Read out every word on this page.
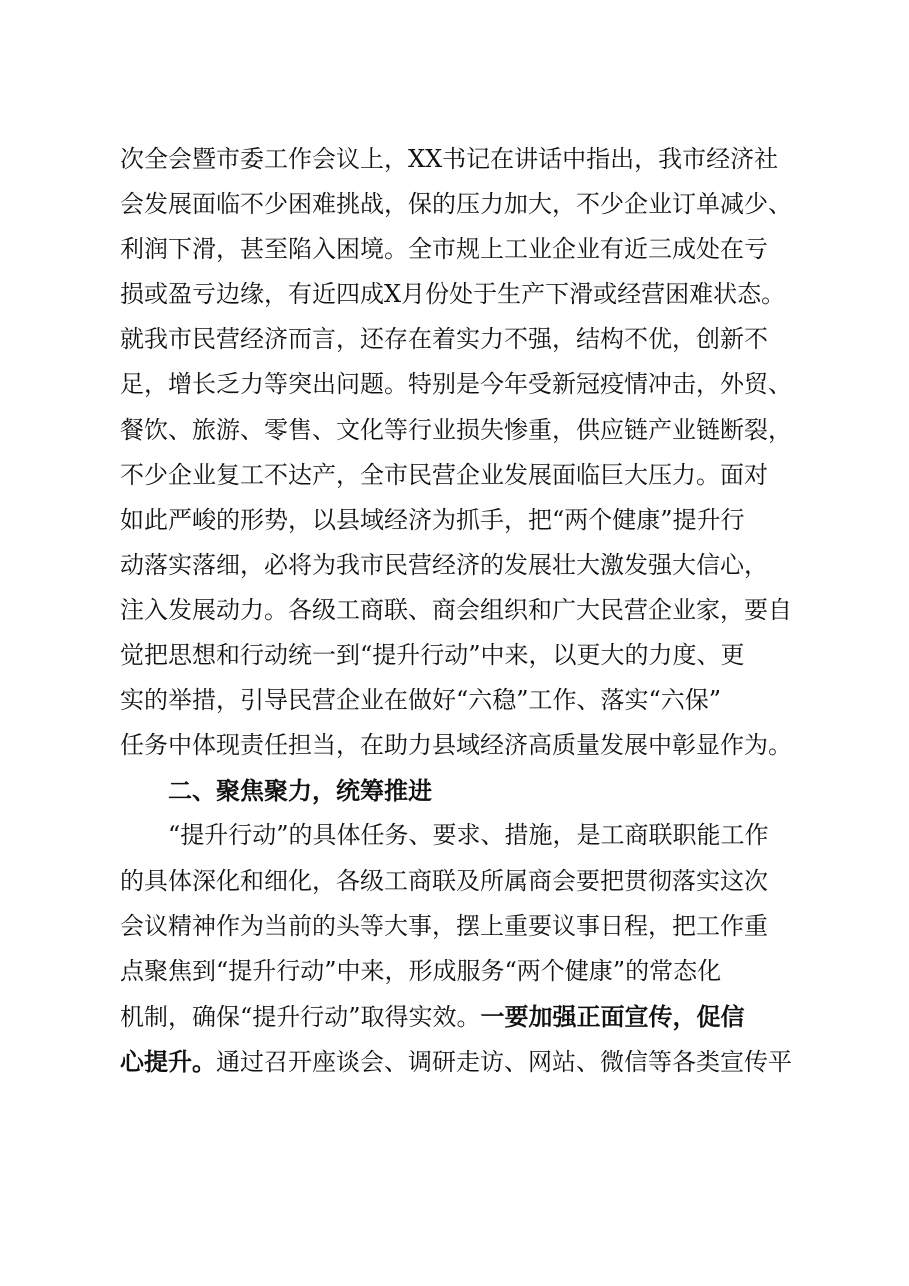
次全会暨市委工作会议上，XX书记在讲话中指出，我市经济社
会发展面临不少困难挑战，保的压力加大，不少企业订单减少、
利润下滑，甚至陷入困境。全市规上工业企业有近三成处在亏
损或盈亏边缘，有近四成X月份处于生产下滑或经营困难状态。
就我市民营经济而言，还存在着实力不强，结构不优，创新不
足，增长乏力等突出问题。特别是今年受新冠疫情冲击，外贸、
餐饮、旅游、零售、文化等行业损失惨重，供应链产业链断裂，
不少企业复工不达产，全市民营企业发展面临巨大压力。面对
如此严峻的形势，以县域经济为抓手，把“两个健康”提升行
动落实落细，必将为我市民营经济的发展壮大激发强大信心，
注入发展动力。各级工商联、商会组织和广大民营企业家，要自
觉把思想和行动统一到“提升行动”中来，以更大的力度、更
实的举措，引导民营企业在做好“六稳”工作、落实“六保”
任务中体现责任担当，在助力县域经济高质量发展中彰显作为。
二、聚焦聚力，统筹推进
“提升行动”的具体任务、要求、措施，是工商联职能工作
的具体深化和细化，各级工商联及所属商会要把贯彻落实这次
会议精神作为当前的头等大事，摆上重要议事日程，把工作重
点聚焦到“提升行动”中来，形成服务“两个健康”的常态化
机制，确保“提升行动”取得实效。一要加强正面宣传，促信
心提升。通过召开座谈会、调研走访、网站、微信等各类宣传平
